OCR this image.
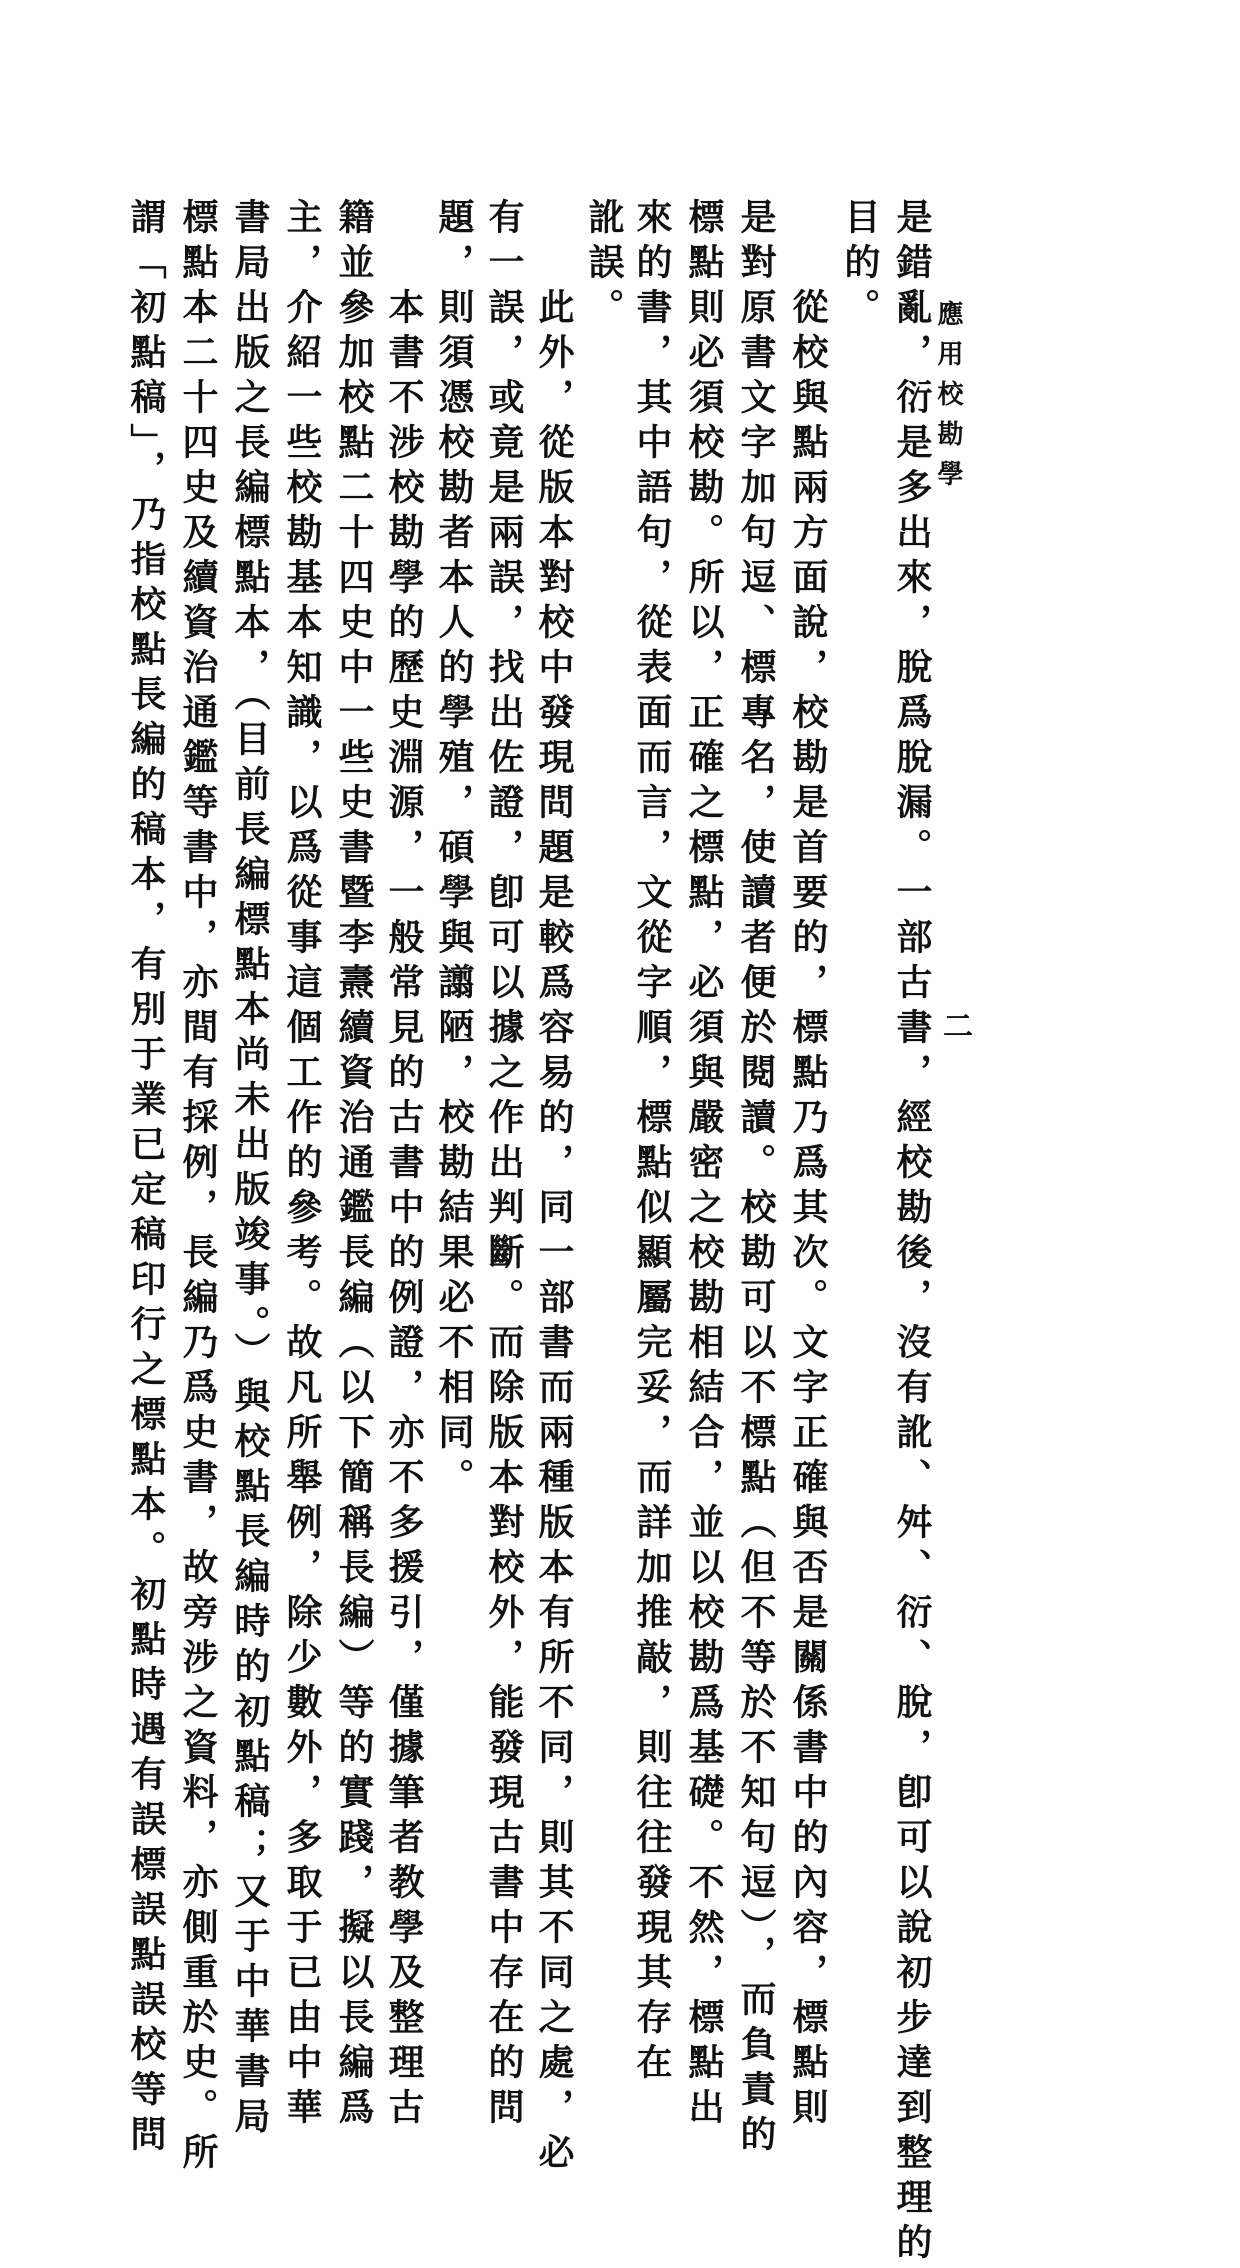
應用校勘學
二
是錯亂，衍是多出來，脫爲脫漏。一部古書，經校勘後，沒有訛、舛、衍、脫，卽可以說初步達到整理的
目的。
　　從校與點兩方面說，校勘是首要的，標點乃爲其次。文字正確與否是關係書中的內容，標點則
是對原書文字加句逗、標專名，使讀者便於閱讀。校勘可以不標點（但不等於不知句逗），而負責的
標點則必須校勘。所以，正確之標點，必須與嚴密之校勘相結合，並以校勘爲基礎。不然，標點出
來的書，其中語句，從表面而言，文從字順，標點似顯屬完妥，而詳加推敲，則往往發現其存在
訛誤。
　　此外，從版本對校中發現問題是較爲容易的，同一部書而兩種版本有所不同，則其不同之處，必
有一誤，或竟是兩誤，找出佐證，卽可以據之作出判斷。而除版本對校外，能發現古書中存在的問
題，則須憑校勘者本人的學殖，碩學與譾陋，校勘結果必不相同。
　　本書不涉校勘學的歷史淵源，一般常見的古書中的例證，亦不多援引，僅據筆者教學及整理古
籍並參加校點二十四史中一些史書暨李燾續資治通鑑長編（以下簡稱長編）等的實踐，擬以長編爲
主，介紹一些校勘基本知識，以爲從事這個工作的參考。故凡所舉例，除少數外，多取于已由中華
書局出版之長編標點本，（目前長編標點本尚未出版竣事。）與校點長編時的初點稿；又于中華書局
標點本二十四史及續資治通鑑等書中，亦間有採例，長編乃爲史書，故旁涉之資料，亦側重於史。所
謂「初點稿」，乃指校點長編的稿本，有別于業已定稿印行之標點本。初點時遇有誤標誤點誤校等問
